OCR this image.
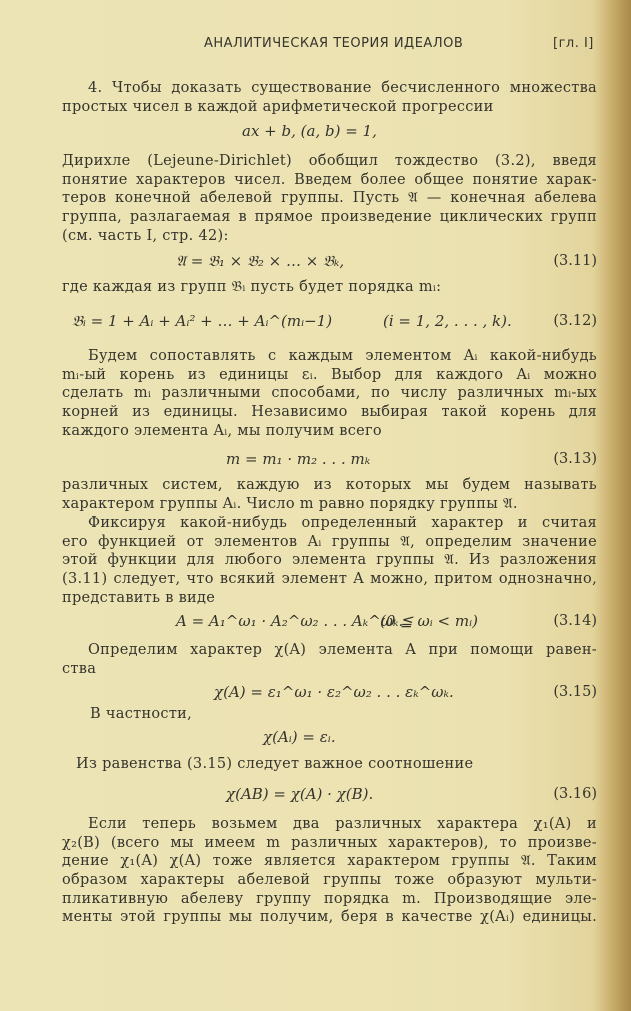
АНАЛИТИЧЕСКАЯ ТЕОРИЯ ИДЕАЛОВ	[гл. I]
4. Чтобы доказать существование бесчисленного множества
простых чисел в каждой арифметической прогрессии
ax + b, (a, b) = 1,
Дирихле (Lejeune-Dirichlet) обобщил тождество (3.2), введя
понятие характеров чисел. Введем более общее понятие харак-
теров конечной абелевой группы. Пусть 𝔄 — конечная абелева
группа, разлагаемая в прямое произведение циклических групп
(см. часть I, стр. 42):
𝔄 = 𝔅₁ × 𝔅₂ × … × 𝔅ₖ,	(3.11)
где каждая из групп 𝔅ᵢ пусть будет порядка mᵢ:
𝔅ᵢ = 1 + Aᵢ + Aᵢ² + … + Aᵢ^(mᵢ−1)	(i = 1, 2, . . . , k).	(3.12)
Будем сопоставлять с каждым элементом Aᵢ какой-нибудь
mᵢ-ый корень из единицы εᵢ. Выбор для каждого Aᵢ можно
сделать mᵢ различными способами, по числу различных mᵢ-ых
корней из единицы. Независимо выбирая такой корень для
каждого элемента Aᵢ, мы получим всего
m = m₁ · m₂ . . . mₖ	(3.13)
различных систем, каждую из которых мы будем называть
характером группы Aᵢ. Число m равно порядку группы 𝔄.
Фиксируя какой-нибудь определенный характер и считая
его функцией от элементов Aᵢ группы 𝔄, определим значение
этой функции для любого элемента группы 𝔄. Из разложения
(3.11) следует, что всякий элемент A можно, притом однозначно,
представить в виде
A = A₁^ω₁ · A₂^ω₂ . . . Aₖ^ωₖ.
(0 ≦ ωᵢ < mᵢ)	(3.14)
Определим характер χ(A) элемента A при помощи равен-
ства
χ(A) = ε₁^ω₁ · ε₂^ω₂ . . . εₖ^ωₖ.	(3.15)
В частности,
χ(Aᵢ) = εᵢ.
Из равенства (3.15) следует важное соотношение
χ(AB) = χ(A) · χ(B).	(3.16)
Если теперь возьмем два различных характера χ₁(A) и
χ₂(B) (всего мы имеем m различных характеров), то произве-
дение χ₁(A) χ(A) тоже является характером группы 𝔄. Таким
образом характеры абелевой группы тоже образуют мульти-
пликативную абелеву группу порядка m. Производящие эле-
менты этой группы мы получим, беря в качестве χ(Aᵢ) единицы.
